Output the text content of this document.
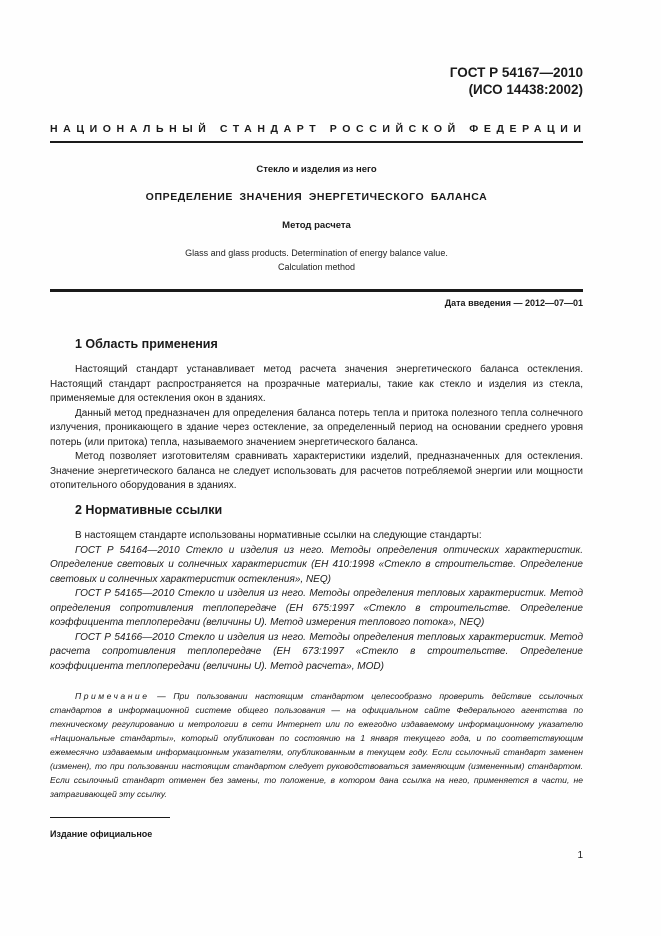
ГОСТ Р 54167—2010
(ИСО 14438:2002)
НАЦИОНАЛЬНЫЙ СТАНДАРТ РОССИЙСКОЙ ФЕДЕРАЦИИ
Стекло и изделия из него
ОПРЕДЕЛЕНИЕ ЗНАЧЕНИЯ ЭНЕРГЕТИЧЕСКОГО БАЛАНСА
Метод расчета
Glass and glass products. Determination of energy balance value.
Calculation method
Дата введения — 2012—07—01
1 Область применения

Настоящий стандарт устанавливает метод расчета значения энергетического баланса остекления. Настоящий стандарт распространяется на прозрачные материалы, такие как стекло и изделия из стекла, применяемые для остекления окон в зданиях.

Данный метод предназначен для определения баланса потерь тепла и притока полезного тепла солнечного излучения, проникающего в здание через остекление, за определенный период на основании среднего уровня потерь (или притока) тепла, называемого значением энергетического баланса.

Метод позволяет изготовителям сравнивать характеристики изделий, предназначенных для остекления. Значение энергетического баланса не следует использовать для расчетов потребляемой энергии или мощности отопительного оборудования в зданиях.

2 Нормативные ссылки

В настоящем стандарте использованы нормативные ссылки на следующие стандарты:

ГОСТ Р 54164—2010 Стекло и изделия из него. Методы определения оптических характеристик. Определение световых и солнечных характеристик (ЕН 410:1998 «Стекло в строительстве. Определение световых и солнечных характеристик остекления», NEQ)

ГОСТ Р 54165—2010 Стекло и изделия из него. Методы определения тепловых характеристик. Метод определения сопротивления теплопередаче (ЕН 675:1997 «Стекло в строительстве. Определение коэффициента теплопередачи (величины U). Метод измерения теплового потока», NEQ)

ГОСТ Р 54166—2010 Стекло и изделия из него. Методы определения тепловых характеристик. Метод расчета сопротивления теплопередаче (ЕН 673:1997 «Стекло в строительстве. Определение коэффициента теплопередачи (величины U). Метод расчета», MOD)

Примечание — При пользовании настоящим стандартом целесообразно проверить действие ссылочных стандартов в информационной системе общего пользования — на официальном сайте Федерального агентства по техническому регулированию и метрологии в сети Интернет или по ежегодно издаваемому информационному указателю «Национальные стандарты», который опубликован по состоянию на 1 января текущего года, и по соответствующим ежемесячно издаваемым информационным указателям, опубликованным в текущем году. Если ссылочный стандарт заменен (изменен), то при пользовании настоящим стандартом следует руководствоваться заменяющим (измененным) стандартом. Если ссылочный стандарт отменен без замены, то положение, в котором дана ссылка на него, применяется в части, не затрагивающей эту ссылку.

Издание официальное
1
